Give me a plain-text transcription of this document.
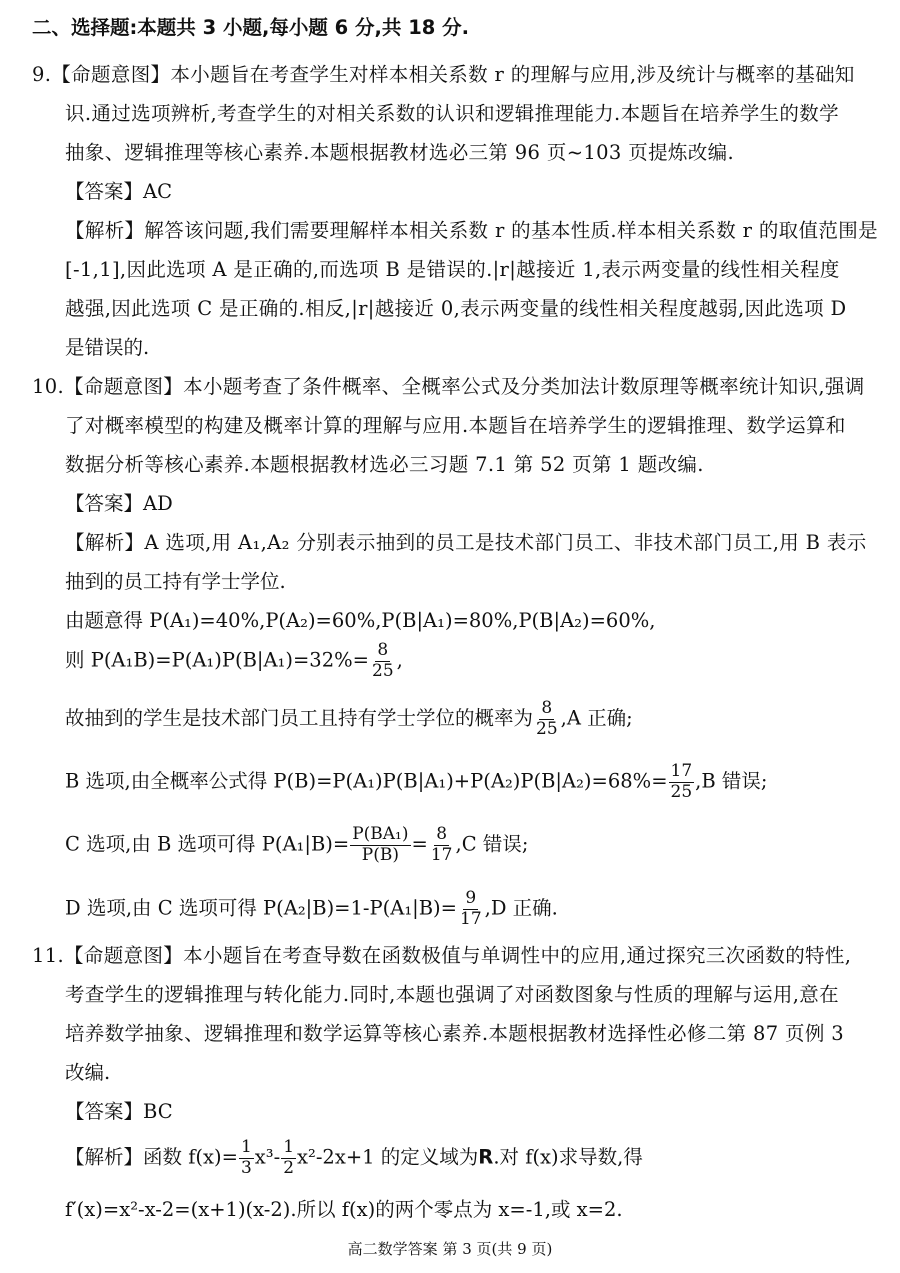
二、选择题:本题共 3 小题,每小题 6 分,共 18 分.
9.【命题意图】本小题旨在考查学生对样本相关系数 r 的理解与应用,涉及统计与概率的基础知
识.通过选项辨析,考查学生的对相关系数的认识和逻辑推理能力.本题旨在培养学生的数学
抽象、逻辑推理等核心素养.本题根据教材选必三第 96 页~103 页提炼改编.
【答案】AC
【解析】解答该问题,我们需要理解样本相关系数 r 的基本性质.样本相关系数 r 的取值范围是
[-1,1],因此选项 A 是正确的,而选项 B 是错误的.|r|越接近 1,表示两变量的线性相关程度
越强,因此选项 C 是正确的.相反,|r|越接近 0,表示两变量的线性相关程度越弱,因此选项 D
是错误的.
10.【命题意图】本小题考查了条件概率、全概率公式及分类加法计数原理等概率统计知识,强调
了对概率模型的构建及概率计算的理解与应用.本题旨在培养学生的逻辑推理、数学运算和
数据分析等核心素养.本题根据教材选必三习题 7.1 第 52 页第 1 题改编.
【答案】AD
【解析】A 选项,用 A₁,A₂ 分别表示抽到的员工是技术部门员工、非技术部门员工,用 B 表示
抽到的员工持有学士学位.
由题意得 P(A₁)=40%,P(A₂)=60%,P(B|A₁)=80%,P(B|A₂)=60%,
则 $P(A_1B)=P(A_1)P(B|A_1)=32\%= \frac{8}{25}$ ,
故抽到的学生是技术部门员工且持有学士学位的概率为 $\frac{8}{25} ,A$ 正确;
B 选项,由全概率公式得 $P(B)=P(A_1)P(B|A_1)+P(A_2)P(B|A_2)=68\%= \frac{17}{25} ,B$ 错误;
C 选项,由 B 选项可得 $P(A_1|B)= \frac{\text{P(BA₁)}}{P(B)} = \frac{8}{17} ,C$ 错误;
D 选项,由 C 选项可得 $P(A_2|B)=1-P(A_1|B)= \frac{9}{17} ,D$ 正确.
11.【命题意图】本小题旨在考查导数在函数极值与单调性中的应用,通过探究三次函数的特性,
考查学生的逻辑推理与转化能力.同时,本题也强调了对函数图象与性质的理解与运用,意在
培养数学抽象、逻辑推理和数学运算等核心素养.本题根据教材选择性必修二第 87 页例 3
改编.
【答案】BC
【解析】函数 $f(x)= \frac{1}{3} x^3- \frac{1}{2} x^2-2x+1$ 的定义域为R.对 f(x)求导数,得
f′(x)=x²-x-2=(x+1)(x-2).所以 f(x)的两个零点为 x=-1,或 x=2.
高二数学答案 第 3 页(共 9 页)
